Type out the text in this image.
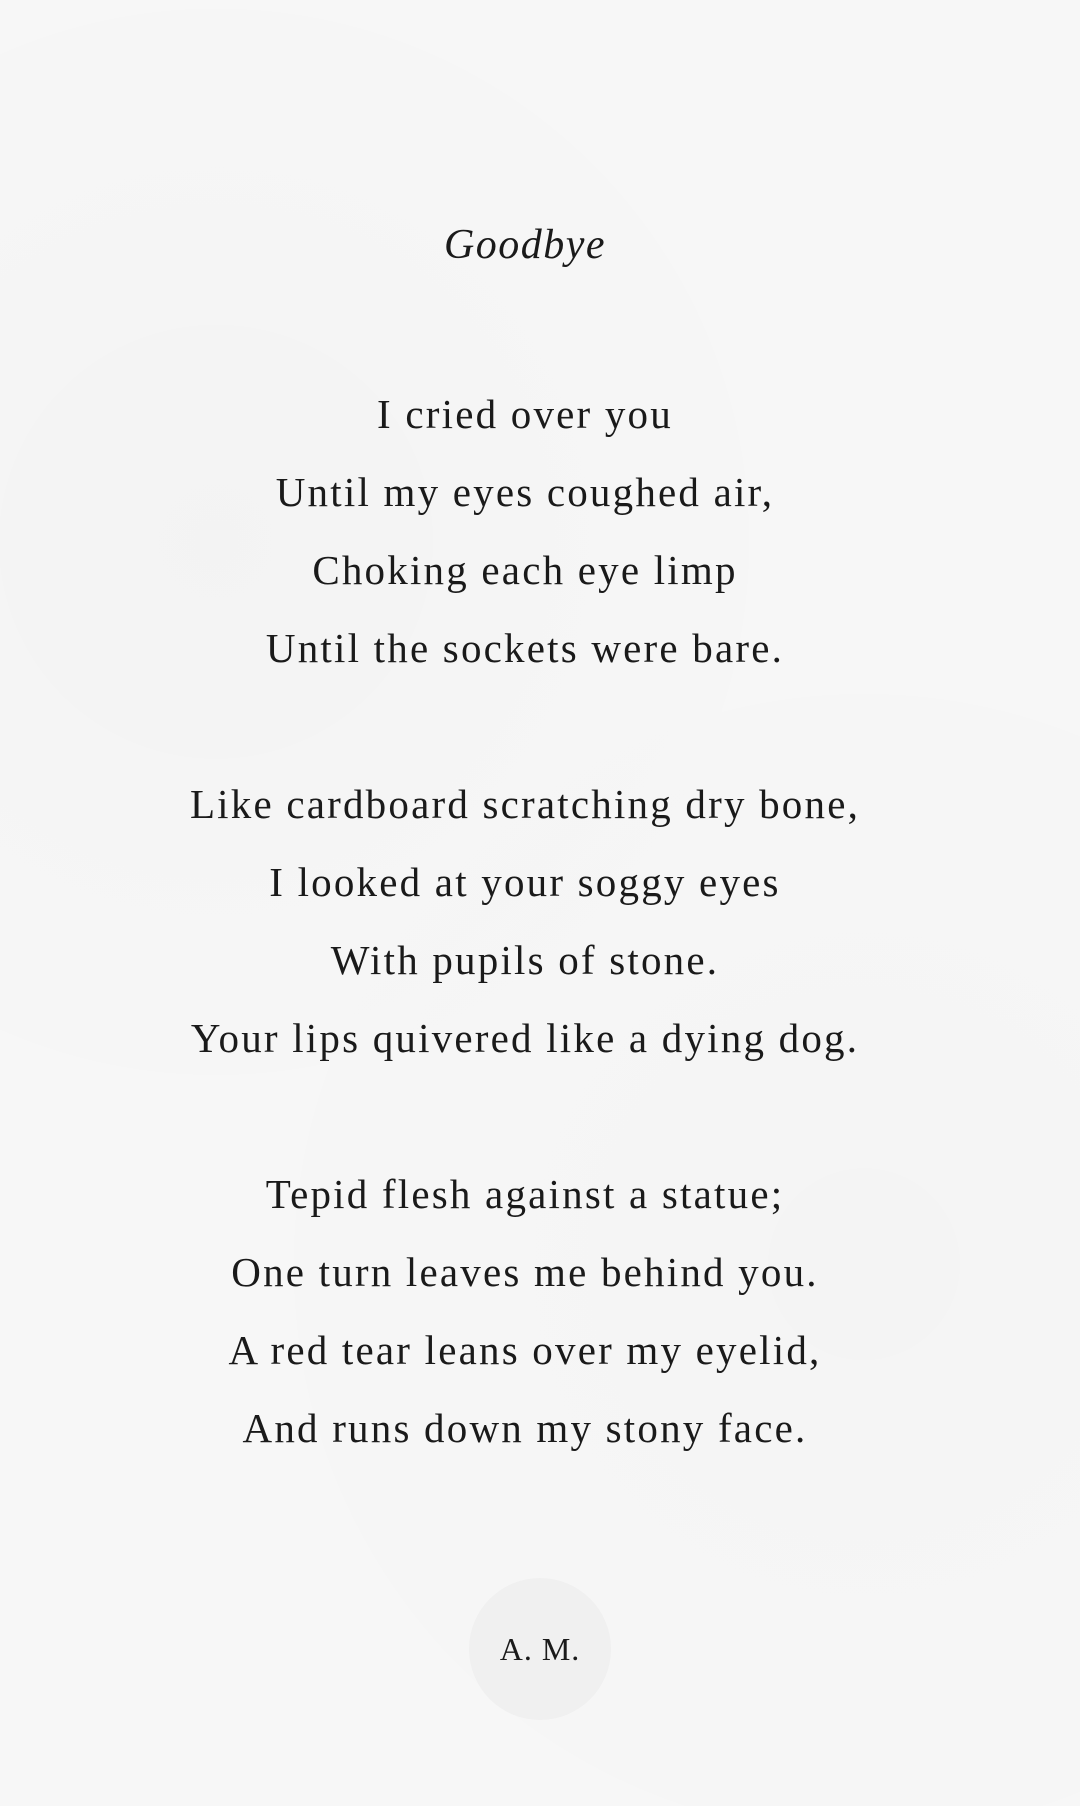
Goodbye
I cried over you
Until my eyes coughed air,
Choking each eye limp
Until the sockets were bare.
Like cardboard scratching dry bone,
I looked at your soggy eyes
With pupils of stone.
Your lips quivered like a dying dog.
Tepid flesh against a statue;
One turn leaves me behind you.
A red tear leans over my eyelid,
And runs down my stony face.
A. M.
